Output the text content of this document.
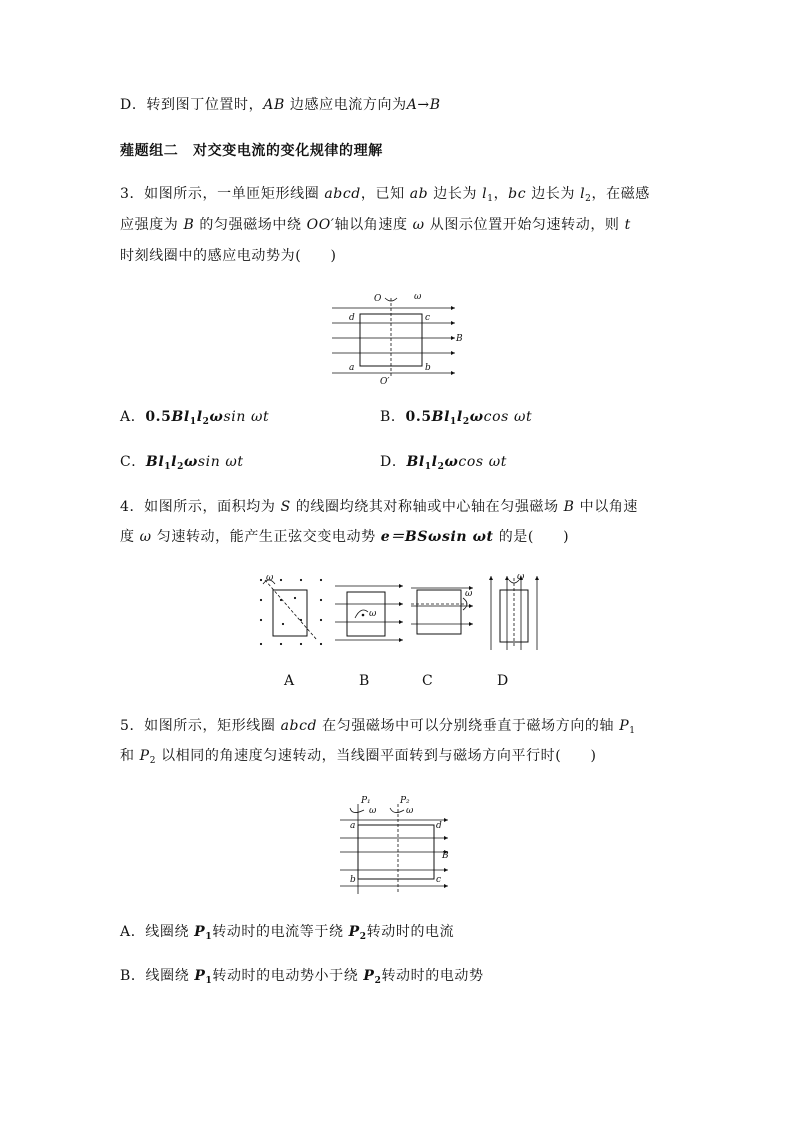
D．转到图丁位置时，AB 边感应电流方向为A→B
薤题组二　 对交变电流的变化规律的理解
3．如图所示，一单匝矩形线圈 abcd，已知 ab 边长为 $l_1$，bc 边长为 $l_2$，在磁感
应强度为 B 的匀强磁场中绕 OO′轴以角速度 ω 从图示位置开始匀速转动，则 t
时刻线圈中的感应电动势为(　　)
O	ω
d	c
B
a	b
O′
A．$0.5Bl_1l_2\omega\sin$ ωt	B．$0.5Bl_1l_2\omega\cos$ ωt
C．$Bl_1l_2\omega\sin$ ωt	D．$Bl_1l_2\omega\cos$ ωt
4．如图所示，面积均为 S 的线圈均绕其对称轴或中心轴在匀强磁场 B 中以角速
度 ω 匀速转动，能产生正弦交变电动势 e＝BSωsin ωt 的是(　　)
ω
ω
ω
ω
A	B	C	D
5．如图所示，矩形线圈 abcd 在匀强磁场中可以分别绕垂直于磁场方向的轴 $P_1$
和 $P_2$ 以相同的角速度匀速转动，当线圈平面转到与磁场方向平行时(　　)
P₁	P₂
ω	ω
a	d
B
b	c
A．线圈绕 $P_1$转动时的电流等于绕 $P_2$转动时的电流
B．线圈绕 $P_1$转动时的电动势小于绕 $P_2$转动时的电动势
